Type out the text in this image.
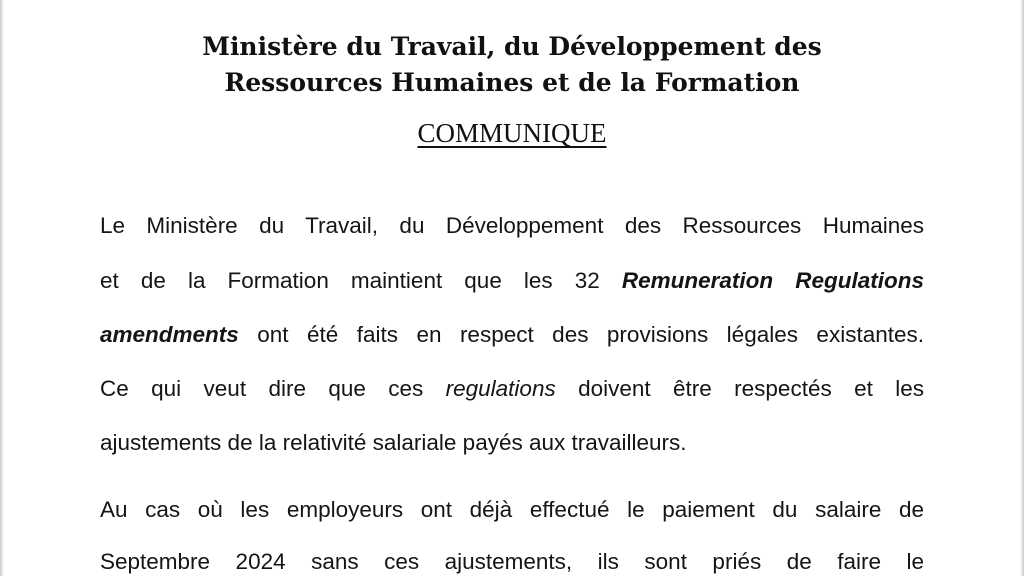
Ministère du Travail, du Développement des
Ressources Humaines et de la Formation
COMMUNIQUE
Le Ministère du Travail, du Développement des Ressources Humaines
et de la Formation maintient que les 32 Remuneration Regulations
amendments ont été faits en respect des provisions légales existantes.
Ce qui veut dire que ces regulations doivent être respectés et les
ajustements de la relativité salariale payés aux travailleurs.
Au cas où les employeurs ont déjà effectué le paiement du salaire de
Septembre 2024 sans ces ajustements, ils sont priés de faire le
